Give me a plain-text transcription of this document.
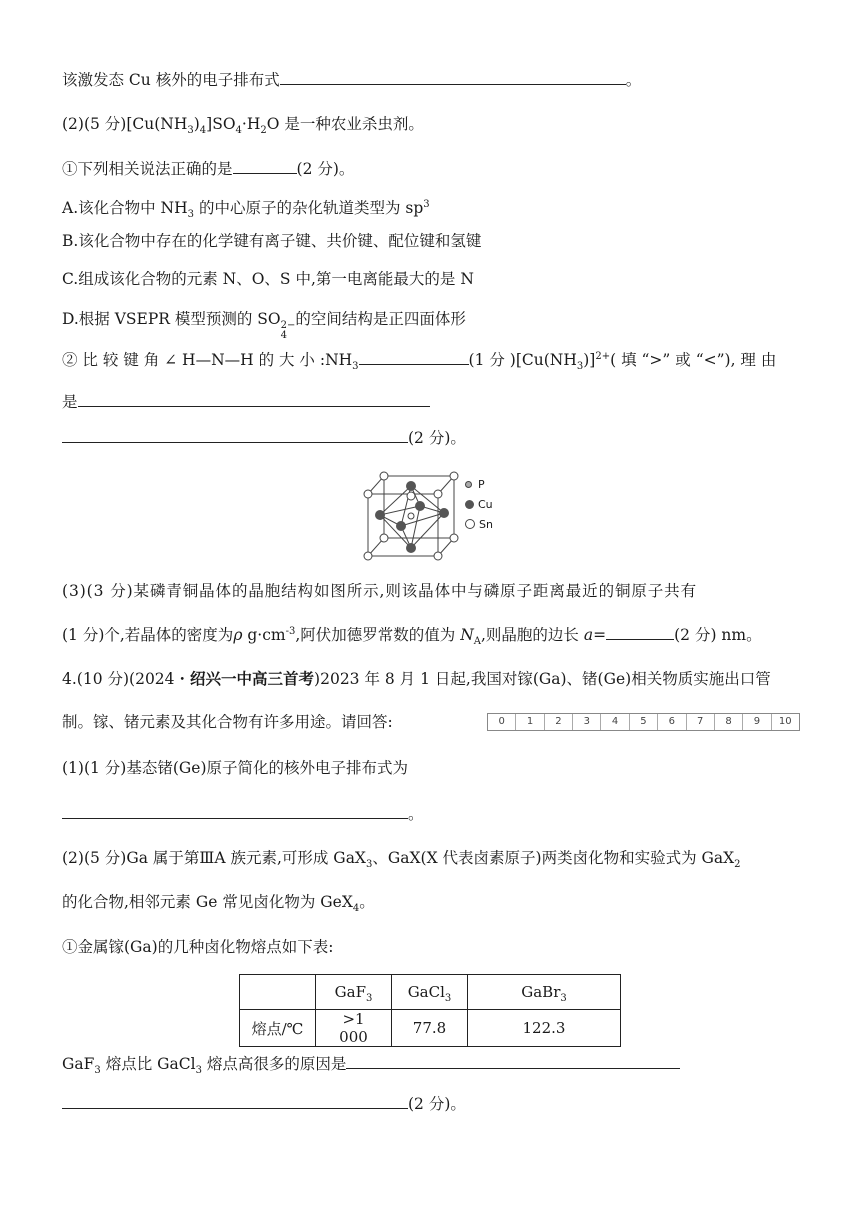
该激发态 Cu 核外的电子排布式	。
(2)(5 分)$[Cu(NH_3)_4]SO_4\cdot H_2O$ 是一种农业杀虫剂。
①下列相关说法正确的是	(2 分)。
A.该化合物中 $NH_3$ 的中心原子的杂化轨道类型为 $sp^3$
B.该化合物中存在的化学键有离子键、共价键、配位键和氢键
C.组成该化合物的元素 N、O、S 中,第一电离能最大的是 N
D.根据 VSEPR 模型预测的 SO 2−
4
的空间结构是正四面体形
② 比 较 键 角 ∠ H—N—H 的 大 小 $:NH_3$	(1 分 )$[Cu(NH_3)]^{2+}$( 填 “>” 或 “<”), 理 由
是
(2 分)。
P
Cu
Sn
(3)(3 分)某磷青铜晶体的晶胞结构如图所示,则该晶体中与磷原子距离最近的铜原子共有
(1 分)个,若晶体的密度为ρ $g\cdot cm^{-3}$,阿伏加德罗常数的值为 $N_A$,则晶胞的边长 a=	(2 分) nm。
4.(10 分)(2024・绍兴一中高三首考)2023 年 8 月 1 日起,我国对镓(Ga)、锗(Ge)相关物质实施出口管
制。镓、锗元素及其化合物有许多用途。请回答:	0	1	2	3	4	5	6	7	8	9	10
(1)(1 分)基态锗(Ge)原子简化的核外电子排布式为
。
(2)(5 分)Ga 属于第ⅢA 族元素,可形成 GaX$_3$、GaX(X 代表卤素原子)两类卤化物和实验式为 GaX$_2$
的化合物,相邻元素 Ge 常见卤化物为 GeX$_4$。
①金属镓(Ga)的几种卤化物熔点如下表:
	GaF$_3$	GaCl$_3$	GaBr$_3$
熔点/℃	>1 000	77.8	122.3
GaF$_3$ 熔点比 GaCl$_3$ 熔点高很多的原因是
(2 分)。
